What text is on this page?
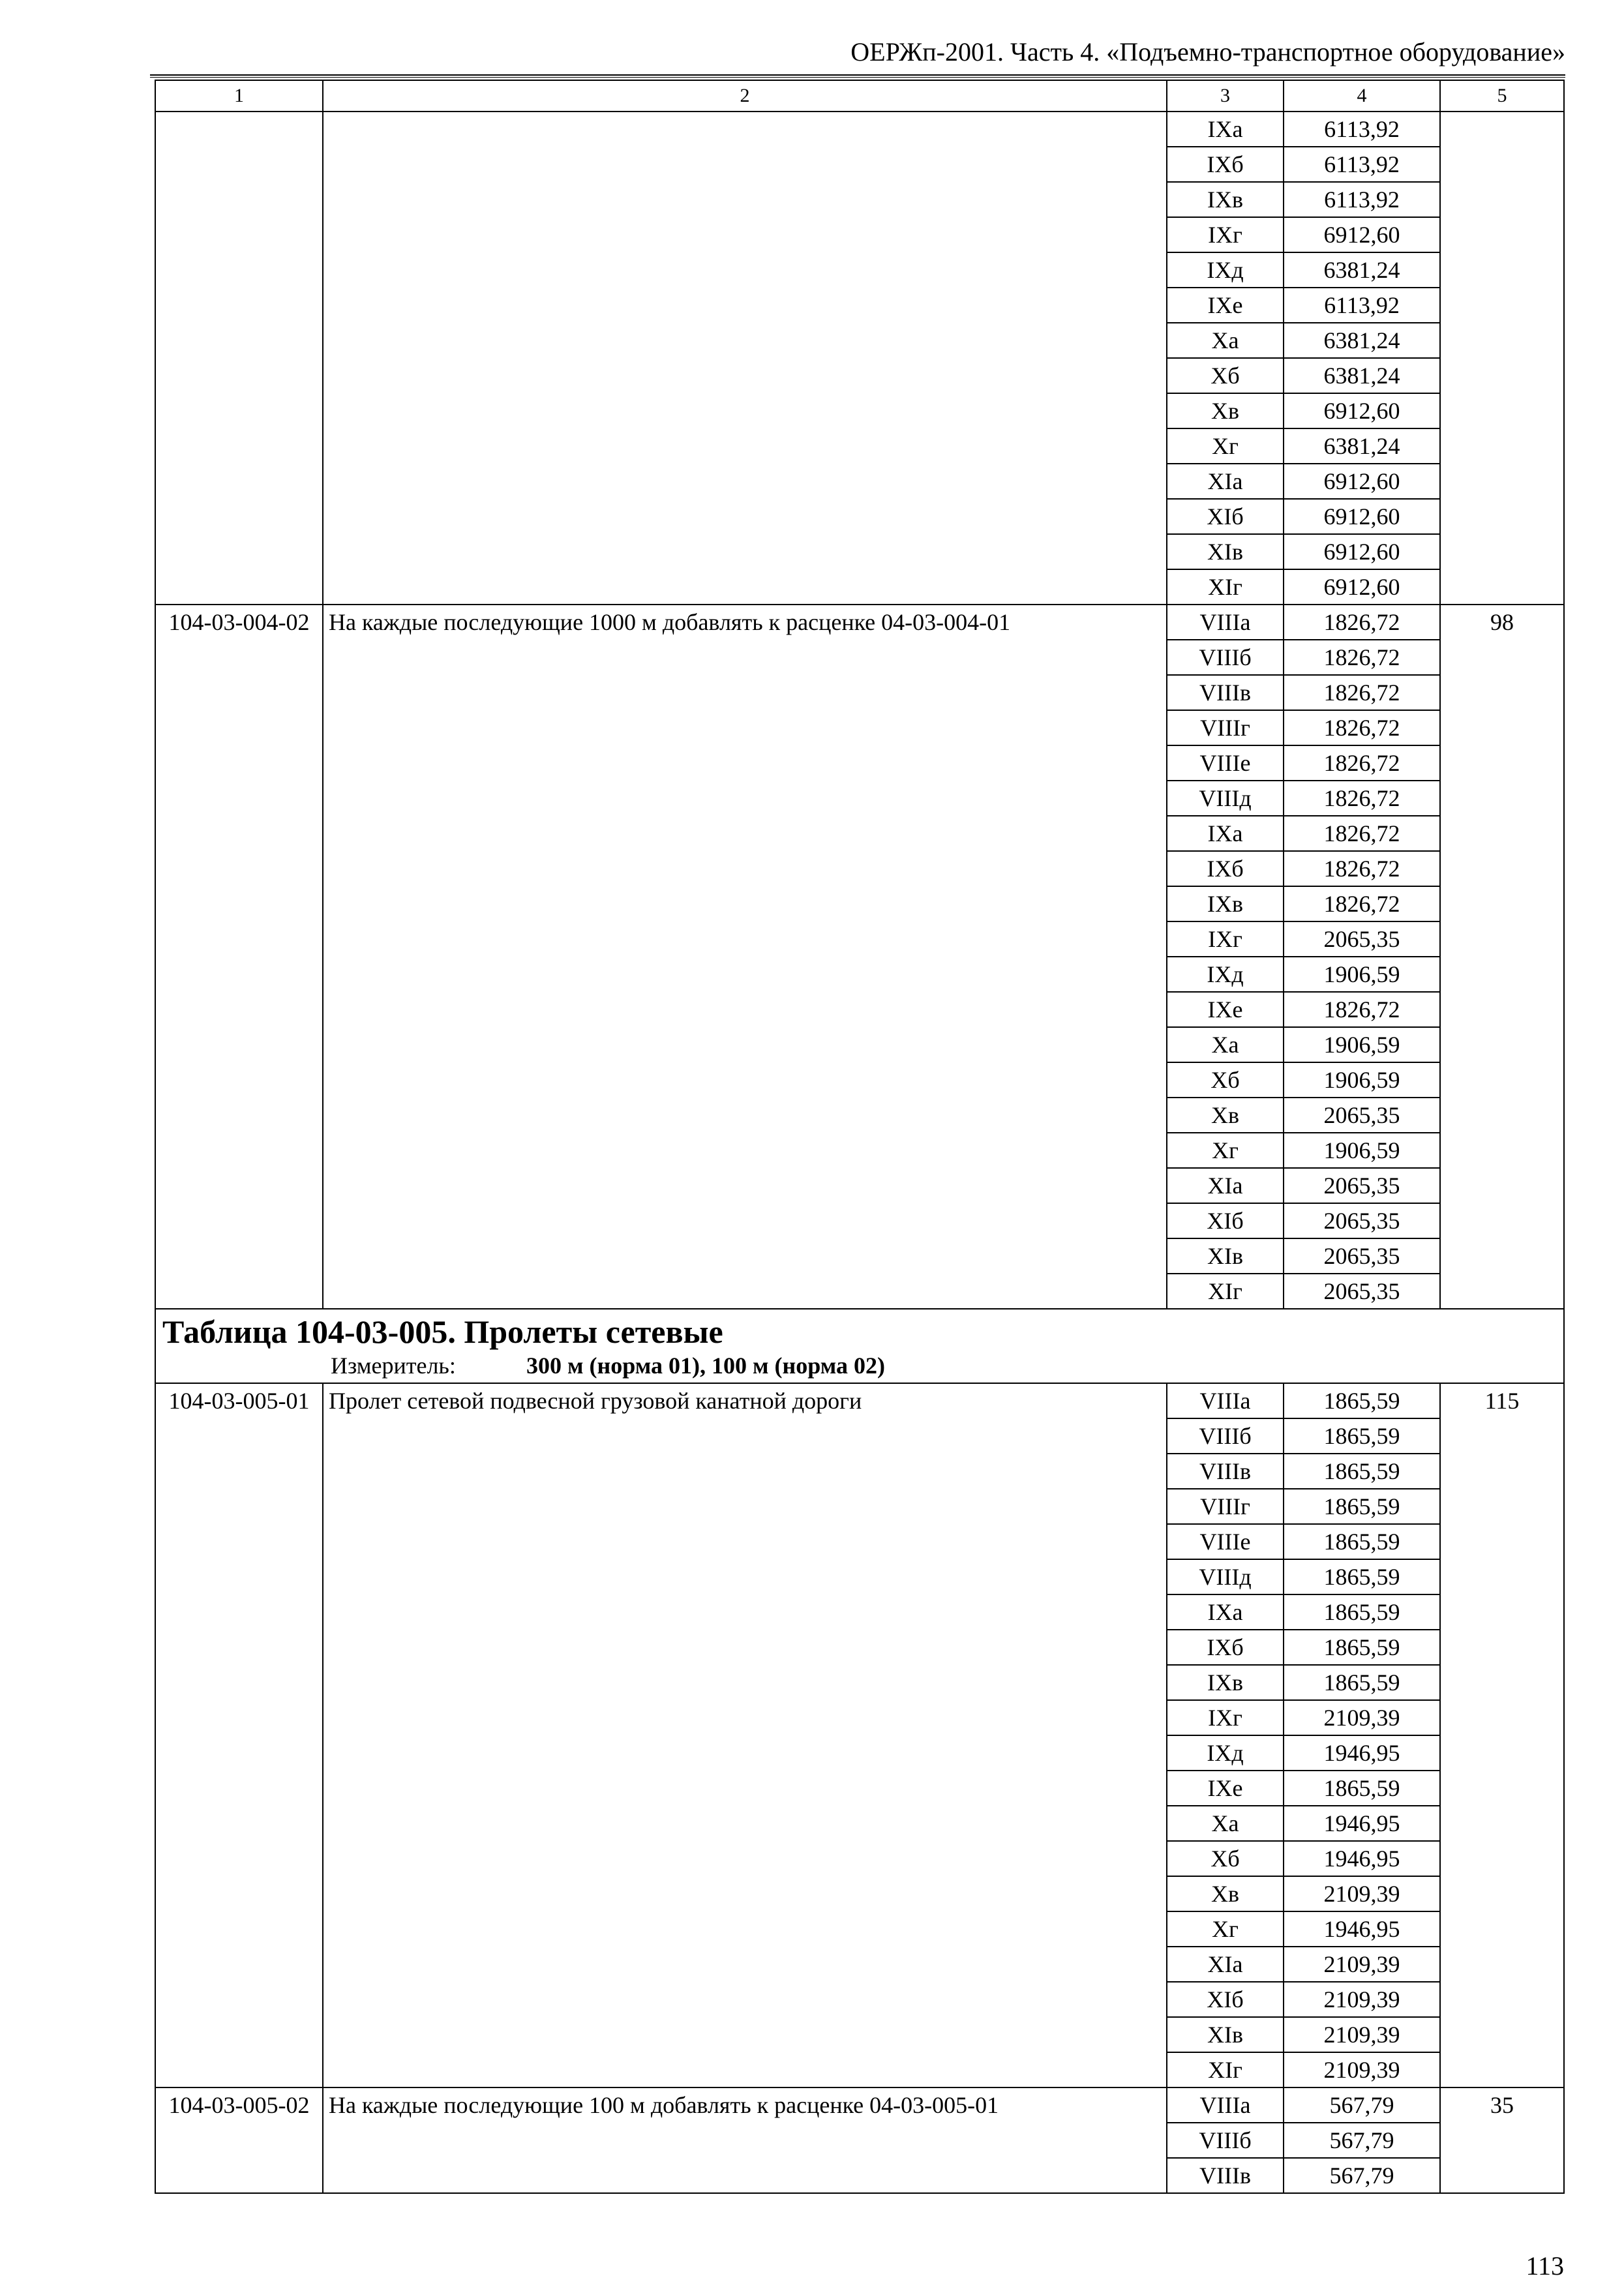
ОЕРЖп-2001. Часть 4. «Подъемно-транспортное оборудование»
1	2	3	4	5
		IXа	6113,92	
		IXб	6113,92	
		IXв	6113,92	
		IXг	6912,60	
		IXд	6381,24	
		IXе	6113,92	
		Xа	6381,24	
		Xб	6381,24	
		Xв	6912,60	
		Xг	6381,24	
		XIа	6912,60	
		XIб	6912,60	
		XIв	6912,60	
		XIг	6912,60	
104-03-004-02	На каждые последующие 1000 м добавлять к расценке 04-03-004-01	VIIIа	1826,72	98
		VIIIб	1826,72	
		VIIIв	1826,72	
		VIIIг	1826,72	
		VIIIе	1826,72	
		VIIIд	1826,72	
		IXа	1826,72	
		IXб	1826,72	
		IXв	1826,72	
		IXг	2065,35	
		IXд	1906,59	
		IXе	1826,72	
		Xа	1906,59	
		Xб	1906,59	
		Xв	2065,35	
		Xг	1906,59	
		XIа	2065,35	
		XIб	2065,35	
		XIв	2065,35	
		XIг	2065,35	

Таблица 104-03-005. Пролеты сетевые
Измеритель: 300 м (норма 01), 100 м (норма 02)				

104-03-005-01	Пролет сетевой подвесной грузовой канатной дороги	VIIIа	1865,59	115
		VIIIб	1865,59	
		VIIIв	1865,59	
		VIIIг	1865,59	
		VIIIе	1865,59	
		VIIIд	1865,59	
		IXа	1865,59	
		IXб	1865,59	
		IXв	1865,59	
		IXг	2109,39	
		IXд	1946,95	
		IXе	1865,59	
		Xа	1946,95	
		Xб	1946,95	
		Xв	2109,39	
		Xг	1946,95	
		XIа	2109,39	
		XIб	2109,39	
		XIв	2109,39	
		XIг	2109,39	
104-03-005-02	На каждые последующие 100 м добавлять к расценке 04-03-005-01	VIIIа	567,79	35
		VIIIб	567,79	
		VIIIв	567,79	
113
